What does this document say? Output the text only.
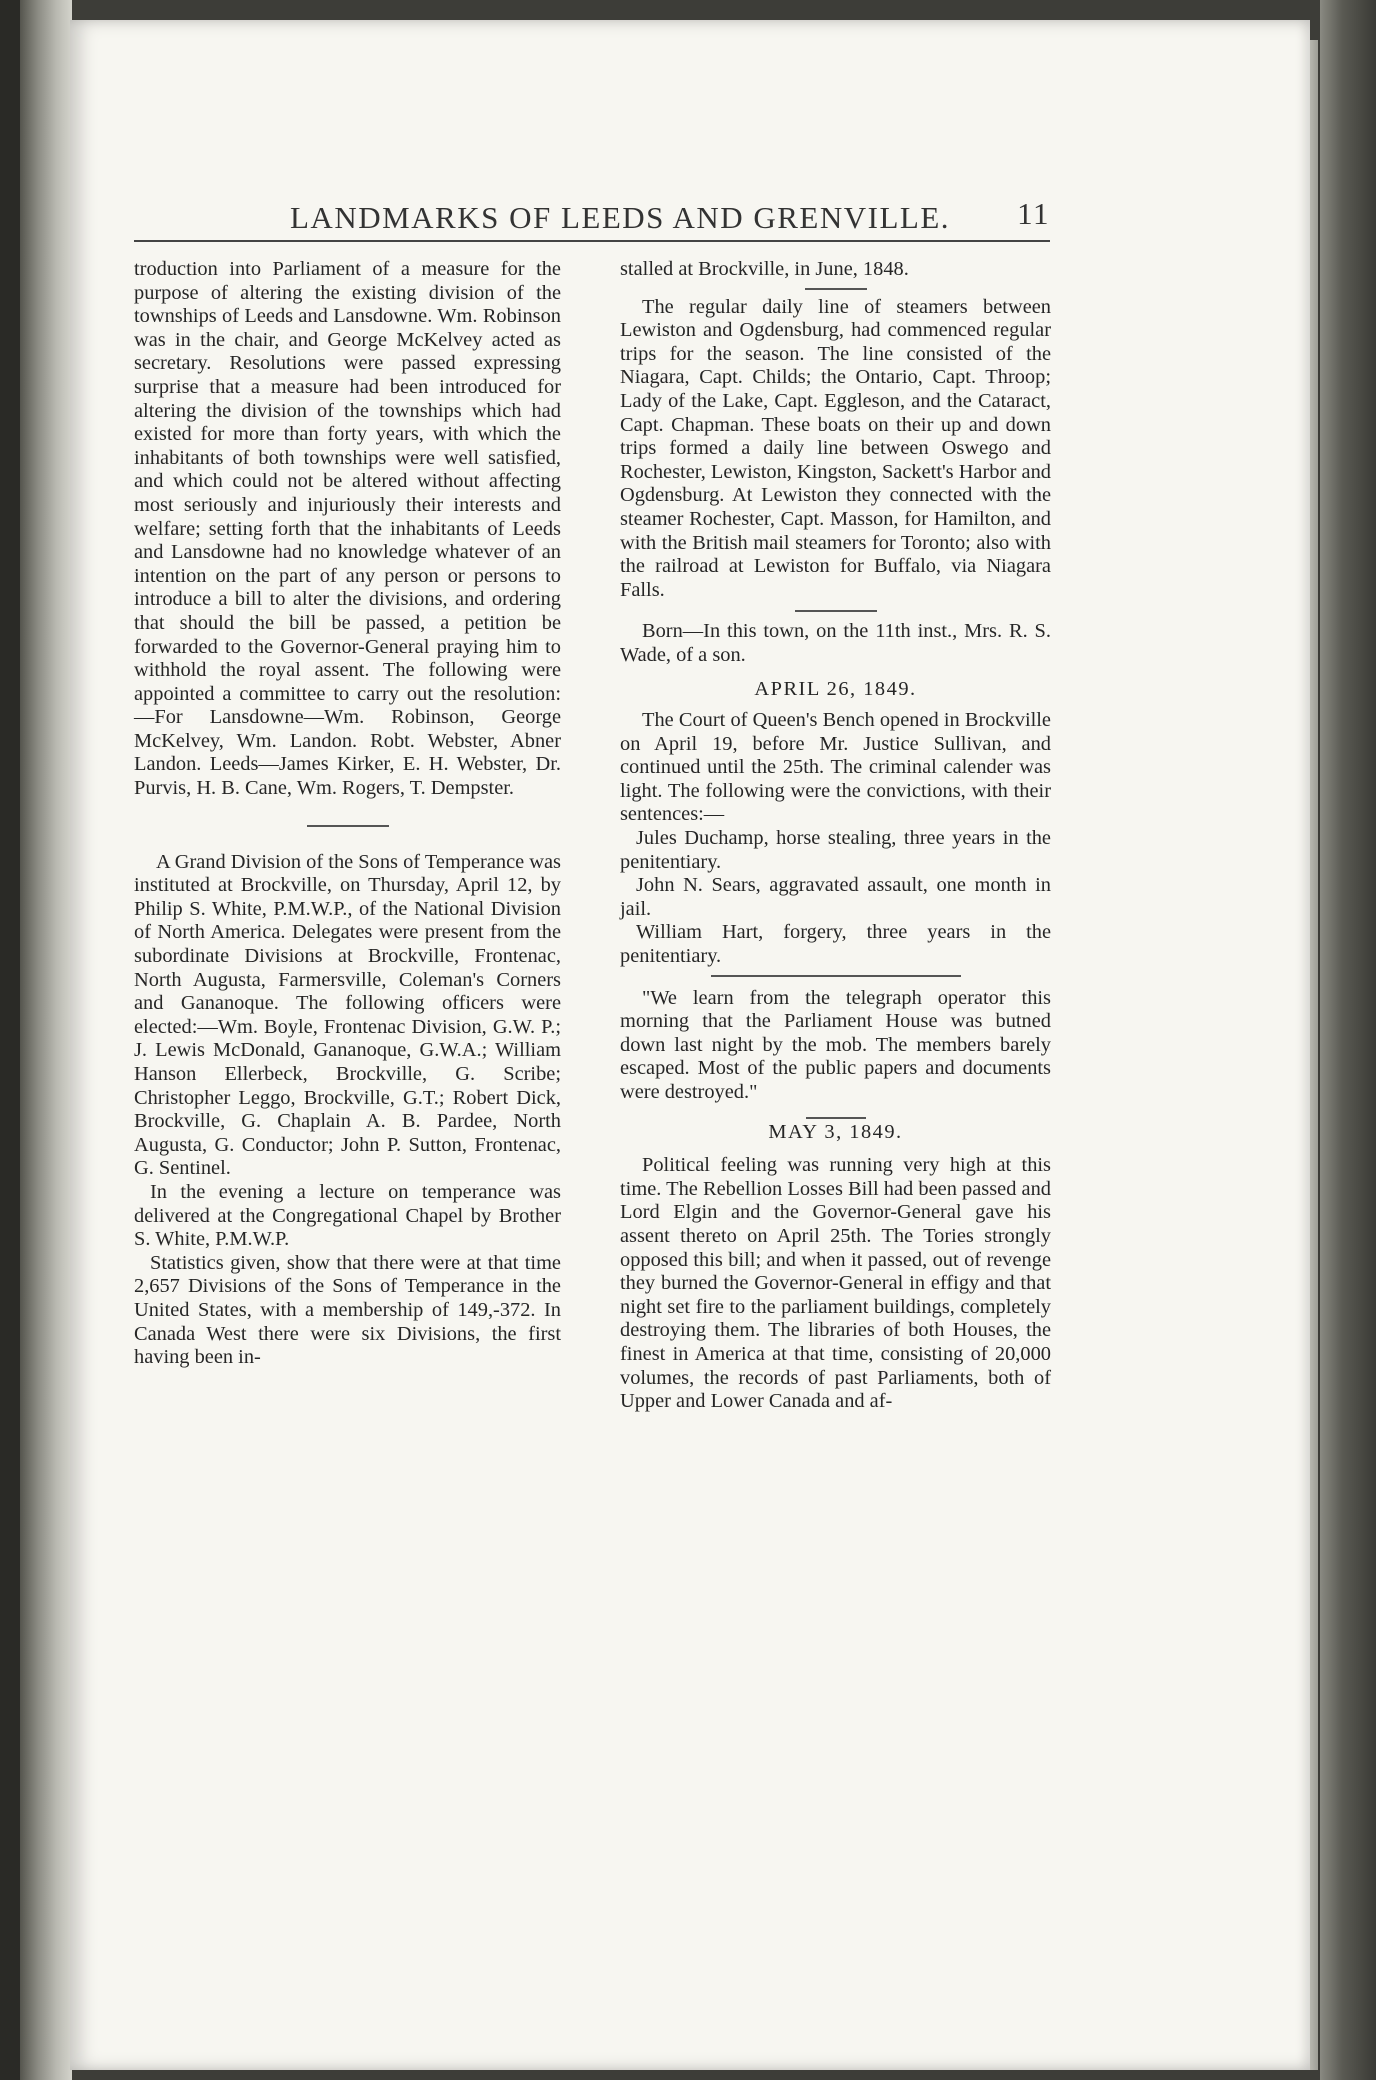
LANDMARKS OF LEEDS AND GRENVILLE. 11

troduction into Parliament of a measure for the purpose of altering the existing division of the townships of Leeds and Lansdowne. Wm. Robinson was in the chair, and George McKelvey acted as secretary. Resolutions were passed expressing surprise that a measure had been introduced for altering the division of the townships which had existed for more than forty years, with which the inhabitants of both townships were well satisfied, and which could not be altered without affecting most seriously and injuriously their interests and welfare; setting forth that the inhabitants of Leeds and Lansdowne had no knowledge whatever of an intention on the part of any person or persons to introduce a bill to alter the divisions, and ordering that should the bill be passed, a petition be forwarded to the Governor-General praying him to withhold the royal assent. The following were appointed a committee to carry out the resolution:—For Lansdowne—Wm. Robinson, George McKelvey, Wm. Landon. Robt. Webster, Abner Landon. Leeds—James Kirker, E. H. Webster, Dr. Purvis, H. B. Cane, Wm. Rogers, T. Dempster.

A Grand Division of the Sons of Temperance was instituted at Brockville, on Thursday, April 12, by Philip S. White, P.M.W.P., of the National Division of North America. Delegates were present from the subordinate Divisions at Brockville, Frontenac, North Augusta, Farmersville, Coleman's Corners and Gananoque. The following officers were elected:—Wm. Boyle, Frontenac Division, G.W. P.; J. Lewis McDonald, Gananoque, G.W.A.; William Hanson Ellerbeck, Brockville, G. Scribe; Christopher Leggo, Brockville, G.T.; Robert Dick, Brockville, G. Chaplain A. B. Pardee, North Augusta, G. Conductor; John P. Sutton, Frontenac, G. Sentinel.

In the evening a lecture on temperance was delivered at the Congregational Chapel by Brother S. White, P.M.W.P.

Statistics given, show that there were at that time 2,657 Divisions of the Sons of Temperance in the United States, with a membership of 149,-372. In Canada West there were six Divisions, the first having been in-

stalled at Brockville, in June, 1848.

The regular daily line of steamers between Lewiston and Ogdensburg, had commenced regular trips for the season. The line consisted of the Niagara, Capt. Childs; the Ontario, Capt. Throop; Lady of the Lake, Capt. Eggleson, and the Cataract, Capt. Chapman. These boats on their up and down trips formed a daily line between Oswego and Rochester, Lewiston, Kingston, Sackett's Harbor and Ogdensburg. At Lewiston they connected with the steamer Rochester, Capt. Masson, for Hamilton, and with the British mail steamers for Toronto; also with the railroad at Lewiston for Buffalo, via Niagara Falls.

Born—In this town, on the 11th inst., Mrs. R. S. Wade, of a son.

APRIL 26, 1849.

The Court of Queen's Bench opened in Brockville on April 19, before Mr. Justice Sullivan, and continued until the 25th. The criminal calender was light. The following were the convictions, with their sentences:—

Jules Duchamp, horse stealing, three years in the penitentiary.

John N. Sears, aggravated assault, one month in jail.

William Hart, forgery, three years in the penitentiary.

"We learn from the telegraph operator this morning that the Parliament House was butned down last night by the mob. The members barely escaped. Most of the public papers and documents were destroyed."

MAY 3, 1849.

Political feeling was running very high at this time. The Rebellion Losses Bill had been passed and Lord Elgin and the Governor-General gave his assent thereto on April 25th. The Tories strongly opposed this bill; and when it passed, out of revenge they burned the Governor-General in effigy and that night set fire to the parliament buildings, completely destroying them. The libraries of both Houses, the finest in America at that time, consisting of 20,000 volumes, the records of past Parliaments, both of Upper and Lower Canada and af-
